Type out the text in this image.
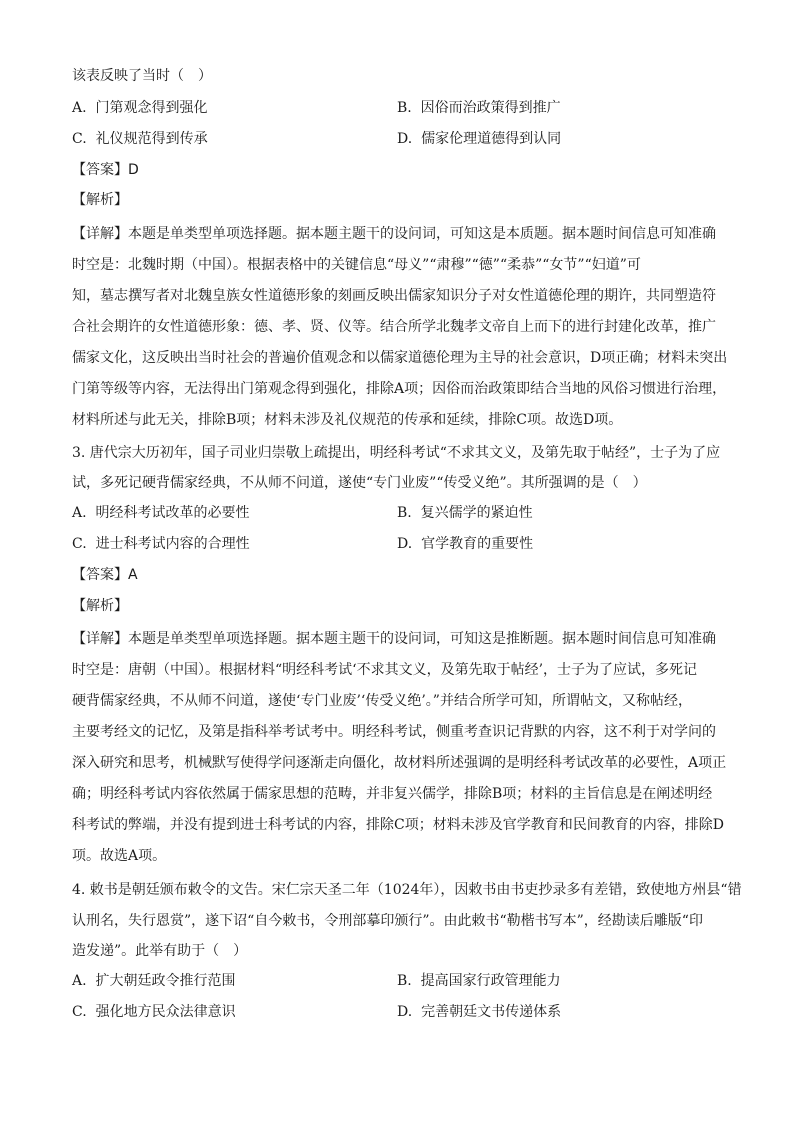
该表反映了当时（　）
A. 门第观念得到强化	B. 因俗而治政策得到推广
C. 礼仪规范得到传承	D. 儒家伦理道德得到认同
【答案】D
【解析】
【详解】本题是单类型单项选择题。据本题主题干的设问词，可知这是本质题。据本题时间信息可知准确
时空是：北魏时期（中国）。根据表格中的关键信息“母义”“肃穆”“德”“柔恭”“女节”“妇道”可
知，墓志撰写者对北魏皇族女性道德形象的刻画反映出儒家知识分子对女性道德伦理的期许，共同塑造符
合社会期许的女性道德形象：德、孝、贤、仪等。结合所学北魏孝文帝自上而下的进行封建化改革，推广
儒家文化，这反映出当时社会的普遍价值观念和以儒家道德伦理为主导的社会意识，D项正确；材料未突出
门第等级等内容，无法得出门第观念得到强化，排除A项；因俗而治政策即结合当地的风俗习惯进行治理，
材料所述与此无关，排除B项；材料未涉及礼仪规范的传承和延续，排除C项。故选D项。
3. 唐代宗大历初年，国子司业归崇敬上疏提出，明经科考试“不求其文义，及第先取于帖经”，士子为了应
试，多死记硬背儒家经典，不从师不问道，遂使“专门业废”“传受义绝”。其所强调的是（　）
A. 明经科考试改革的必要性	B. 复兴儒学的紧迫性
C. 进士科考试内容的合理性	D. 官学教育的重要性
【答案】A
【解析】
【详解】本题是单类型单项选择题。据本题主题干的设问词，可知这是推断题。据本题时间信息可知准确
时空是：唐朝（中国）。根据材料“明经科考试‘不求其文义，及第先取于帖经’，士子为了应试，多死记
硬背儒家经典，不从师不问道，遂使‘专门业废’‘传受义绝’。”并结合所学可知，所谓帖文，又称帖经，
主要考经文的记忆，及第是指科举考试考中。明经科考试，侧重考查识记背默的内容，这不利于对学问的
深入研究和思考，机械默写使得学问逐渐走向僵化，故材料所述强调的是明经科考试改革的必要性，A项正
确；明经科考试内容依然属于儒家思想的范畴，并非复兴儒学，排除B项；材料的主旨信息是在阐述明经
科考试的弊端，并没有提到进士科考试的内容，排除C项；材料未涉及官学教育和民间教育的内容，排除D
项。故选A项。
4. 敕书是朝廷颁布敕令的文告。宋仁宗天圣二年（1024年），因敕书由书吏抄录多有差错，致使地方州县“错
认刑名，失行恩赏”，遂下诏“自今敕书，令刑部摹印颁行”。由此敕书“勒楷书写本”，经勘读后雕版“印
造发递”。此举有助于（　）
A. 扩大朝廷政令推行范围	B. 提高国家行政管理能力
C. 强化地方民众法律意识	D. 完善朝廷文书传递体系
